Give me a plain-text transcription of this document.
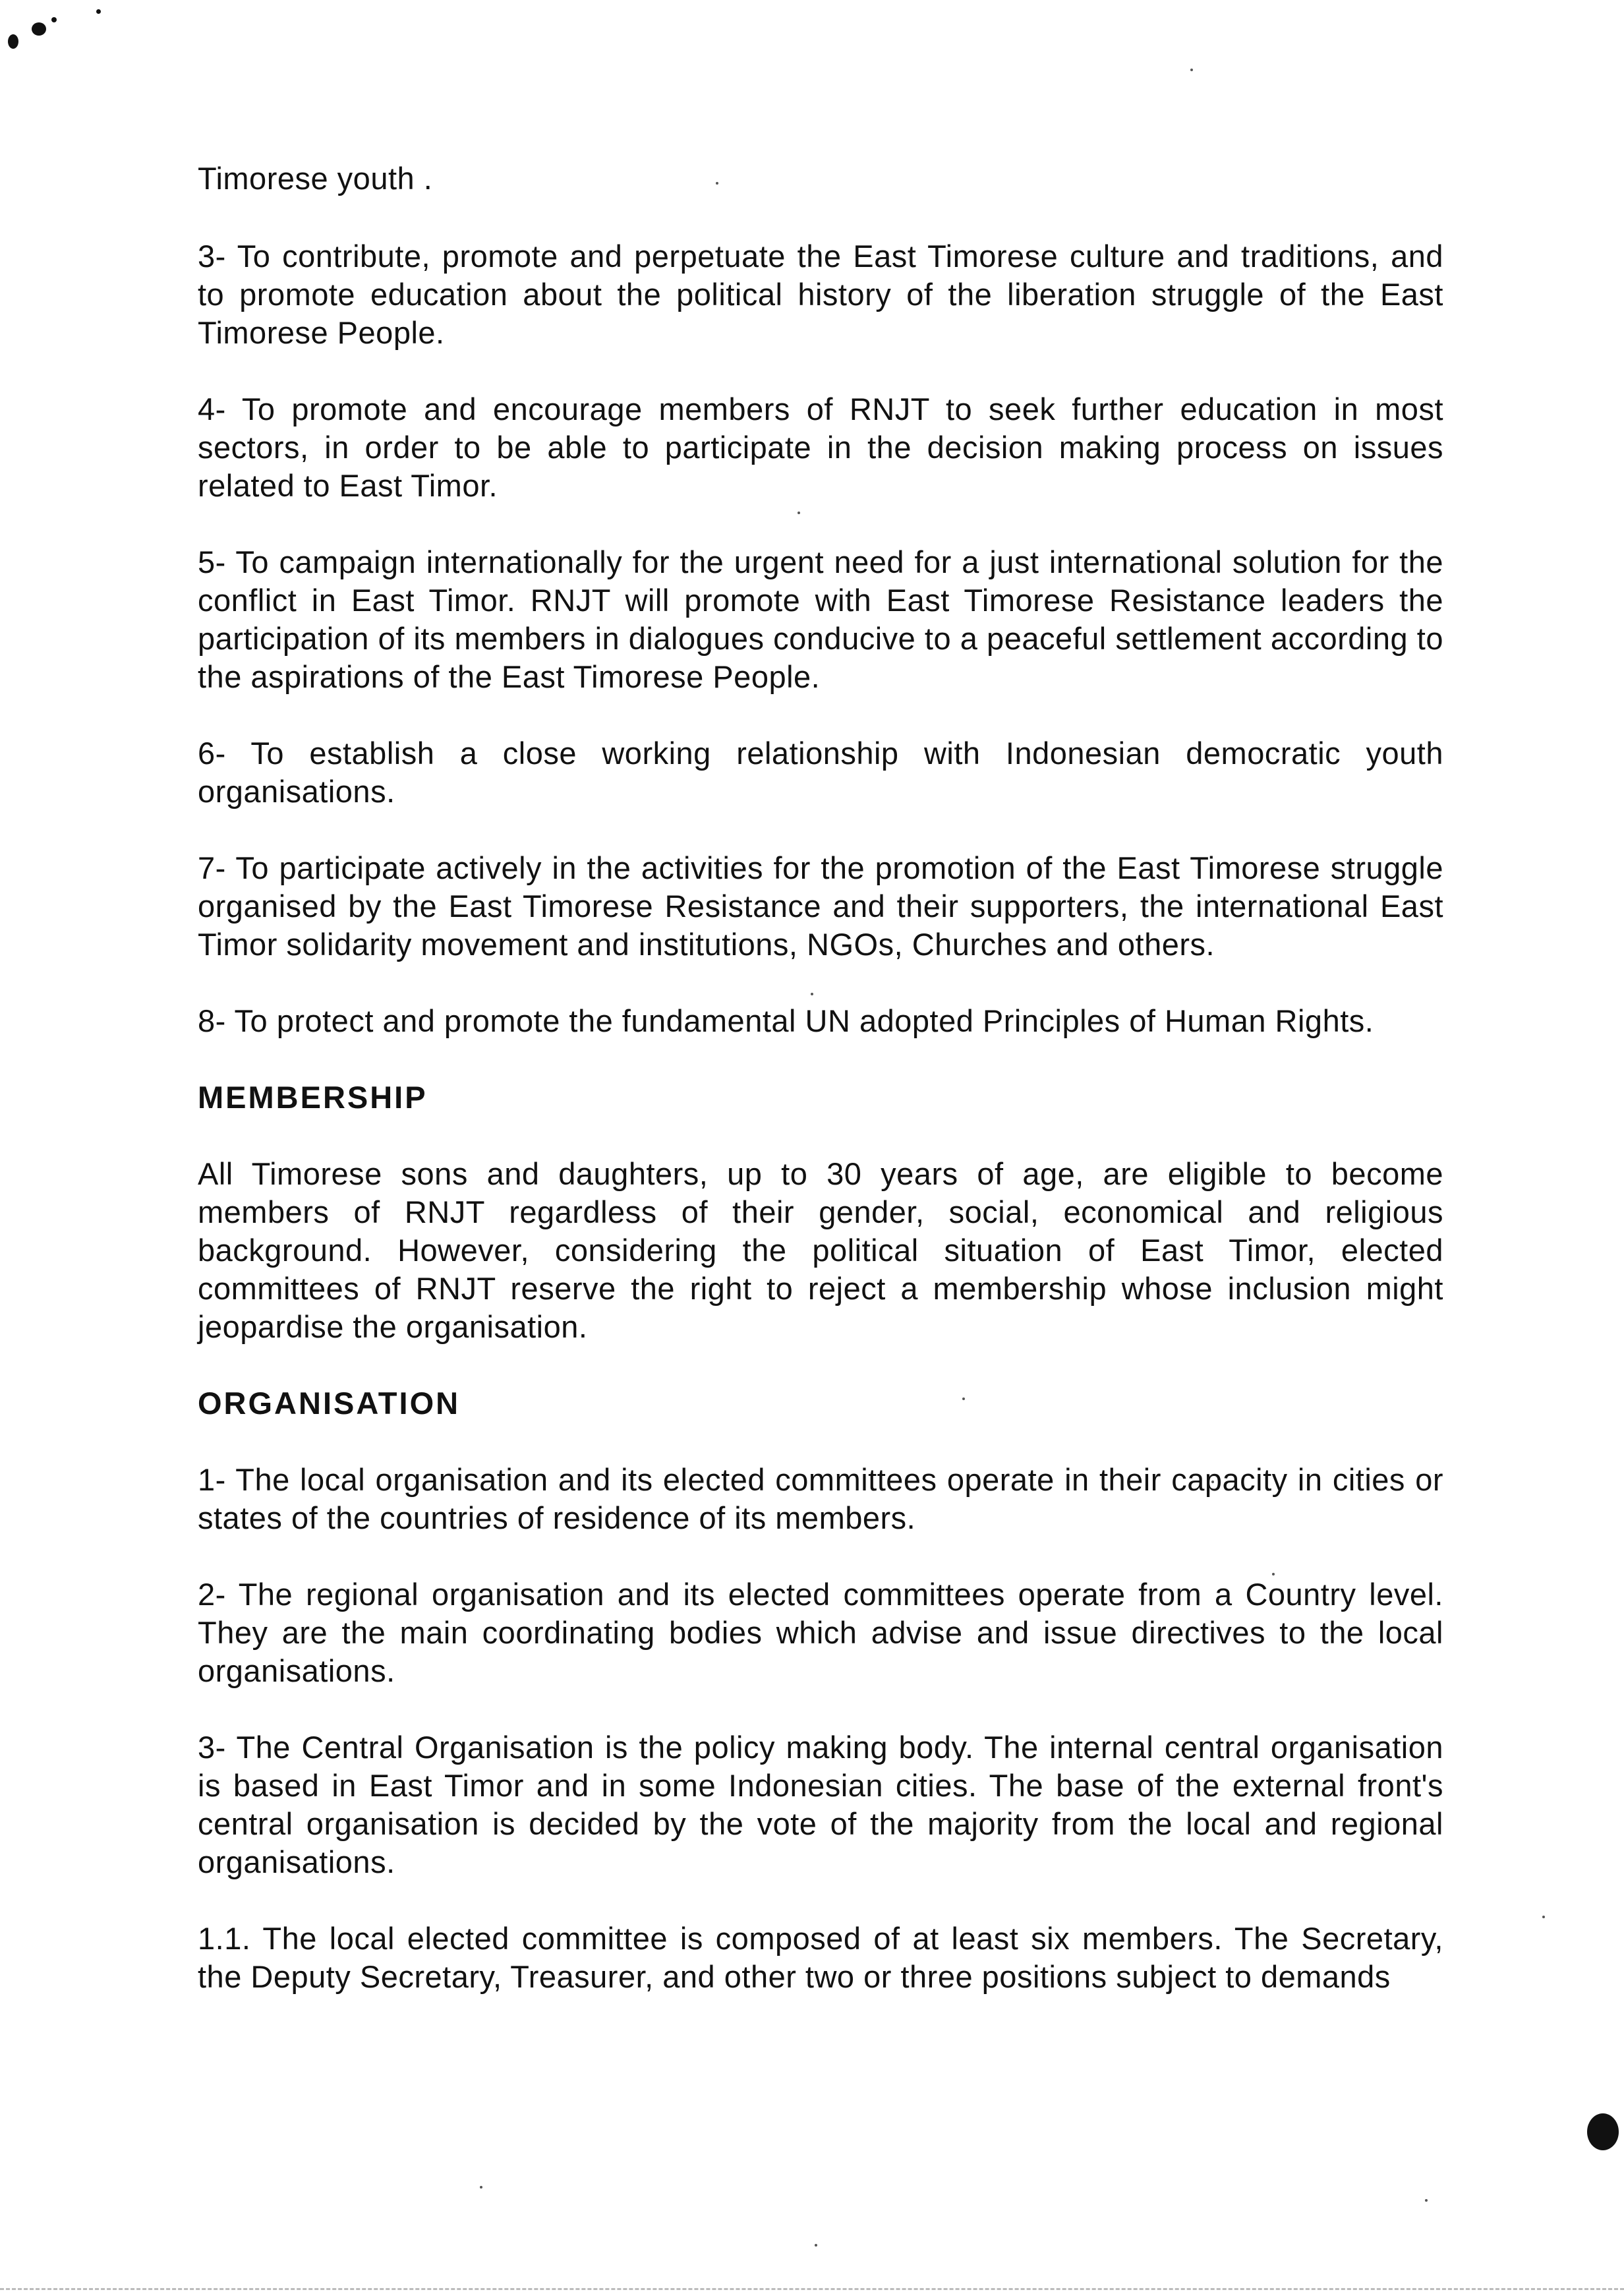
Timorese youth .

3- To contribute, promote and perpetuate the East Timorese culture and traditions, and to promote education about the political history of the liberation struggle of the East Timorese People.

4- To promote and encourage members of RNJT to seek further education in most sectors, in order to be able to participate in the decision making process on issues related to East Timor.

5- To campaign internationally for the urgent need for a just international solution for the conflict in East Timor. RNJT will promote with East Timorese Resistance leaders the participation of its members in dialogues conducive to a peaceful settlement according to the aspirations of the East Timorese People.

6- To establish a close working relationship with Indonesian democratic youth organisations.

7- To participate actively in the activities for the promotion of the East Timorese struggle organised by the East Timorese Resistance and their supporters, the international East Timor solidarity movement and institutions, NGOs, Churches and others.

8- To protect and promote the fundamental UN adopted Principles of Human Rights.

MEMBERSHIP

All Timorese sons and daughters, up to 30 years of age, are eligible to become members of RNJT regardless of their gender, social, economical and religious background. However, considering the political situation of East Timor, elected committees of RNJT reserve the right to reject a membership whose inclusion might jeopardise the organisation.

ORGANISATION

1- The local organisation and its elected committees operate in their capacity in cities or states of the countries of residence of its members.

2- The regional organisation and its elected committees operate from a Country level. They are the main coordinating bodies which advise and issue directives to the local organisations.

3- The Central Organisation is the policy making body. The internal central organisation is based in East Timor and in some Indonesian cities. The base of the external front's central organisation is decided by the vote of the majority from the local and regional organisations.

1.1. The local elected committee is composed of at least six members. The Secretary, the Deputy Secretary, Treasurer, and other two or three positions subject to demands
